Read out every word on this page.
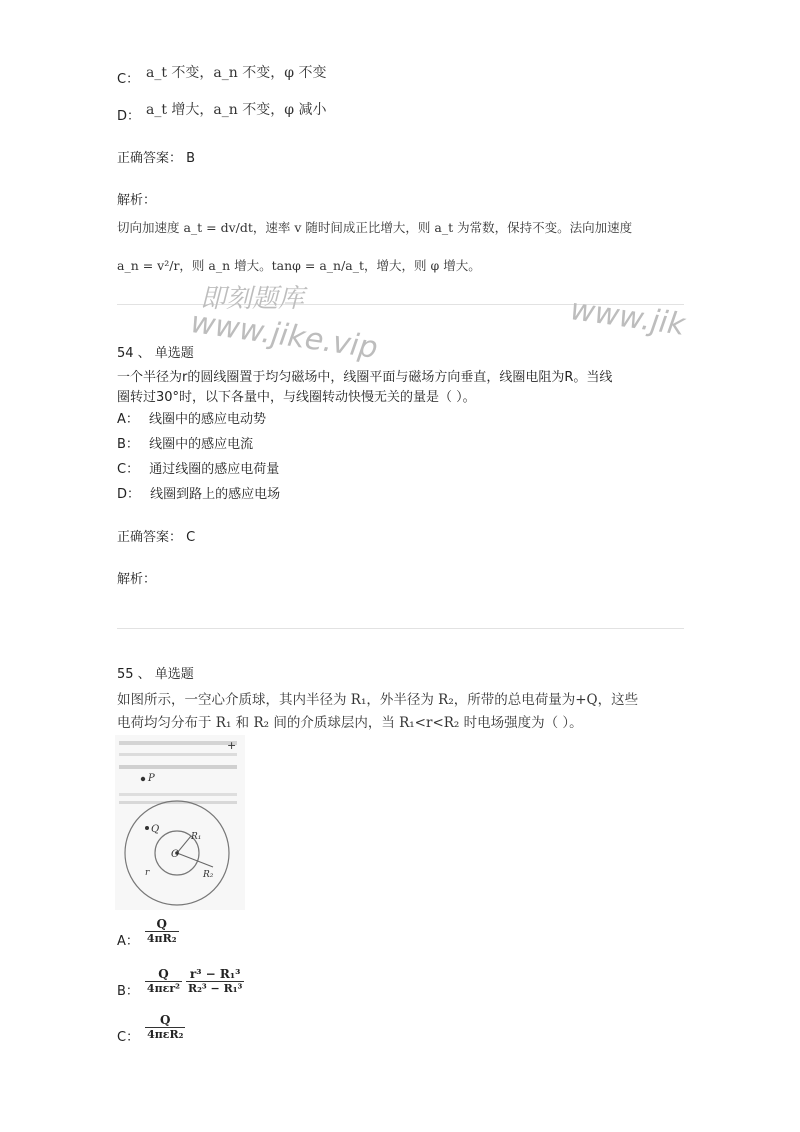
C： a_t 不变，a_n 不变，φ 不变
D： a_t 增大，a_n 不变，φ 减小
正确答案： B
解析：
切向加速度 a_t = dv/dt，速率 v 随时间成正比增大，则 a_t 为常数，保持不变。法向加速度
a_n = v²/r，则 a_n 增大。tanφ = a_n/a_t，增大，则 φ 增大。
即刻题库
www.jike.vip	www.jik
54 、 单选题
一个半径为r的圆线圈置于均匀磁场中，线圈平面与磁场方向垂直，线圈电阻为R。当线
圈转过30°时，以下各量中，与线圈转动快慢无关的量是（ ）。
A： 线圈中的感应电动势
B： 线圈中的感应电流
C： 通过线圈的感应电荷量
D： 线圈到路上的感应电场
正确答案： C
解析：
55 、 单选题
如图所示，一空心介质球，其内半径为 R₁，外半径为 R₂，所带的总电荷量为+Q，这些
电荷均匀分布于 R₁ 和 R₂ 间的介质球层内，当 R₁<r<R₂ 时电场强度为（ ）。
O
P
Q
R₁
R₂
r
+
A： $\frac{Q}{\text{4πR₂}}$
B： $\frac{Q}{\text{4πεr²}} \frac{\text{r³ − R₁³}}{\text{R₂³ − R₁³}}$
C： $\frac{Q}{\text{4πεR₂}}$
